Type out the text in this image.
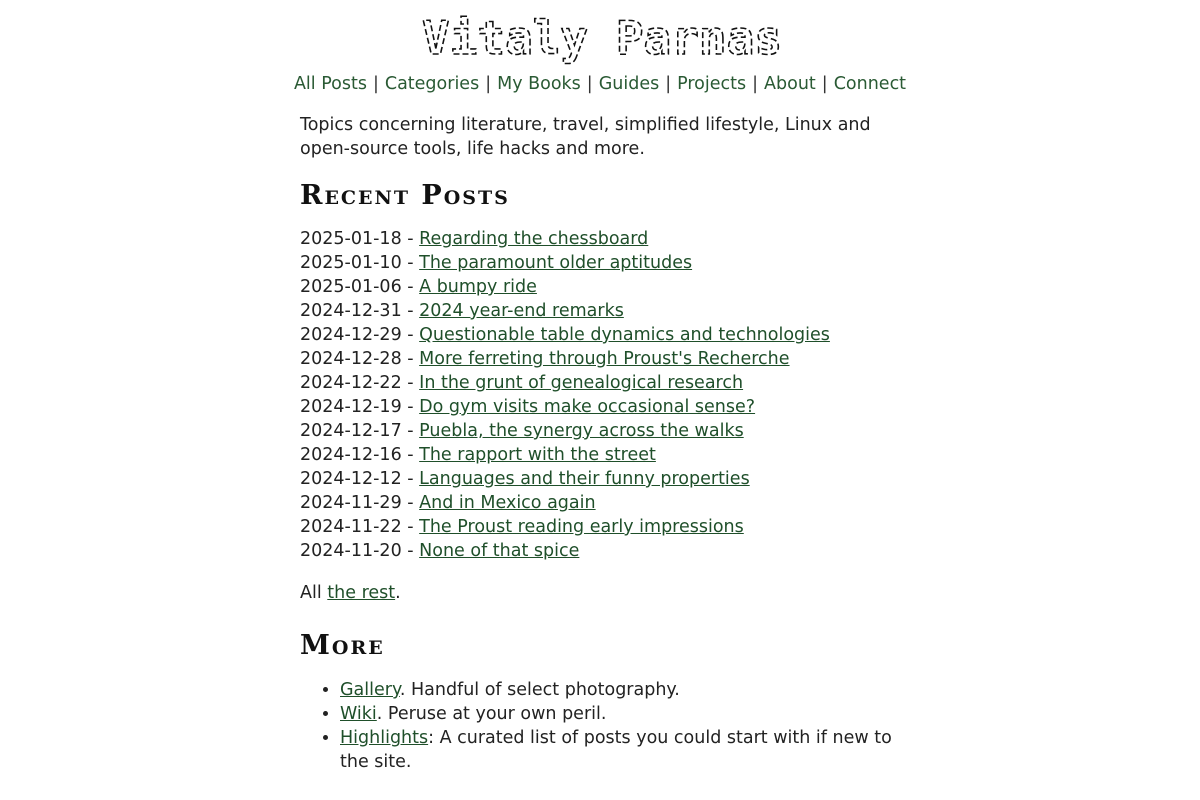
Vitaly Parnas
All Posts | Categories | My Books | Guides | Projects | About | Connect

Topics concerning literature, travel, simplified lifestyle, Linux and open-source tools, life hacks and more.

Recent Posts
2025-01-18 - Regarding the chessboard
2025-01-10 - The paramount older aptitudes
2025-01-06 - A bumpy ride
2024-12-31 - 2024 year-end remarks
2024-12-29 - Questionable table dynamics and technologies
2024-12-28 - More ferreting through Proust's Recherche
2024-12-22 - In the grunt of genealogical research
2024-12-19 - Do gym visits make occasional sense?
2024-12-17 - Puebla, the synergy across the walks
2024-12-16 - The rapport with the street
2024-12-12 - Languages and their funny properties
2024-11-29 - And in Mexico again
2024-11-22 - The Proust reading early impressions
2024-11-20 - None of that spice
All the rest.
More
• Gallery. Handful of select photography.
• Wiki. Peruse at your own peril.
• Highlights: A curated list of posts you could start with if new to the site.
